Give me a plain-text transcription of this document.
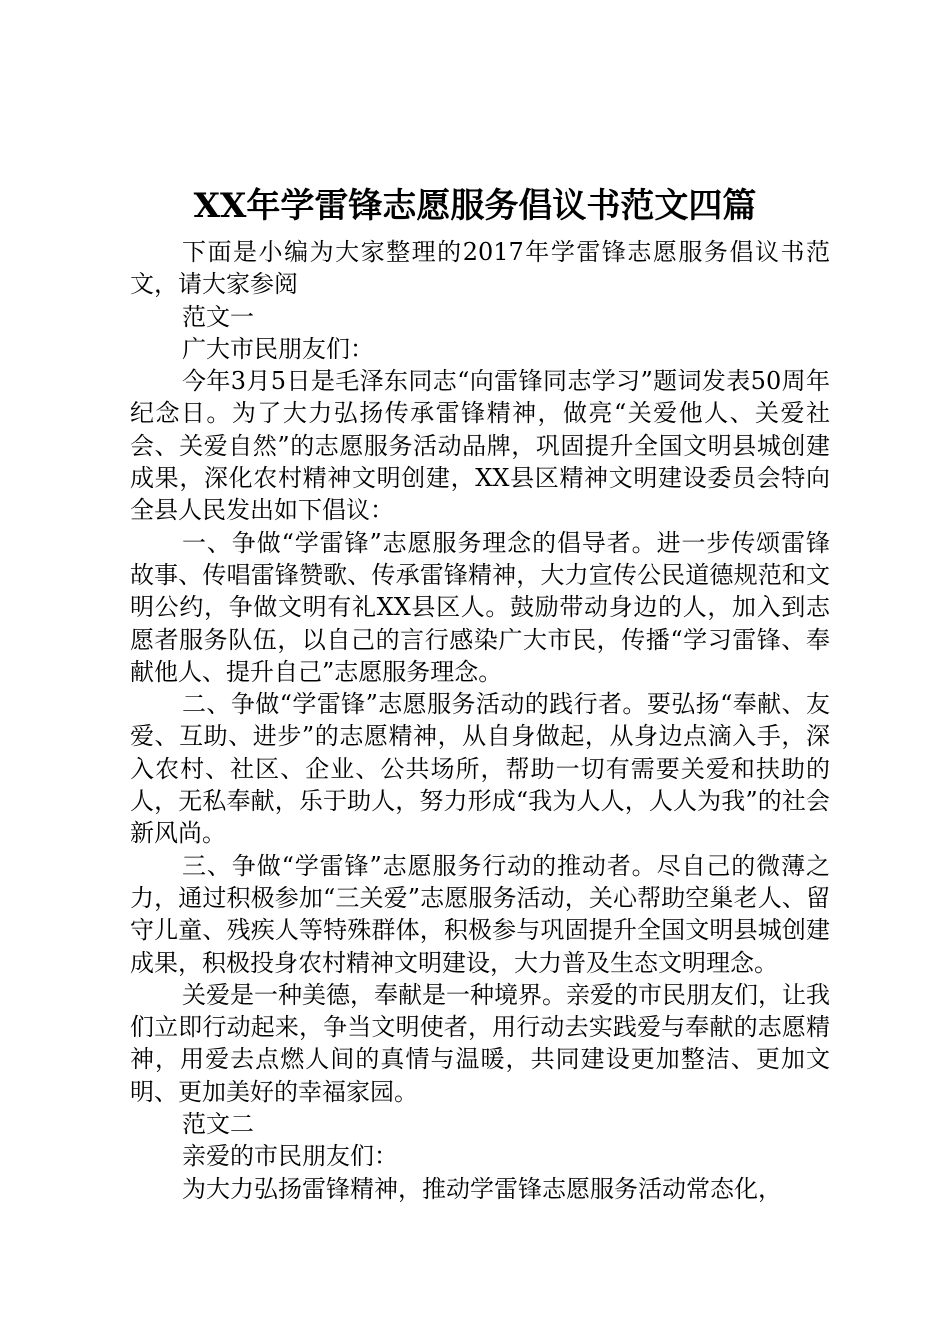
XX年学雷锋志愿服务倡议书范文四篇

下面是小编为大家整理的2017年学雷锋志愿服务倡议书范文，请大家参阅

范文一

广大市民朋友们：

今年3月5日是毛泽东同志“向雷锋同志学习”题词发表50周年纪念日。为了大力弘扬传承雷锋精神，做亮“关爱他人、关爱社会、关爱自然”的志愿服务活动品牌，巩固提升全国文明县城创建成果，深化农村精神文明创建，XX县区精神文明建设委员会特向全县人民发出如下倡议：

一、争做“学雷锋”志愿服务理念的倡导者。进一步传颂雷锋故事、传唱雷锋赞歌、传承雷锋精神，大力宣传公民道德规范和文明公约，争做文明有礼XX县区人。鼓励带动身边的人，加入到志愿者服务队伍，以自己的言行感染广大市民，传播“学习雷锋、奉献他人、提升自己”志愿服务理念。

二、争做“学雷锋”志愿服务活动的践行者。要弘扬“奉献、友爱、互助、进步”的志愿精神，从自身做起，从身边点滴入手，深入农村、社区、企业、公共场所，帮助一切有需要关爱和扶助的人，无私奉献，乐于助人，努力形成“我为人人，人人为我”的社会新风尚。

三、争做“学雷锋”志愿服务行动的推动者。尽自己的微薄之力，通过积极参加“三关爱”志愿服务活动，关心帮助空巢老人、留守儿童、残疾人等特殊群体，积极参与巩固提升全国文明县城创建成果，积极投身农村精神文明建设，大力普及生态文明理念。

关爱是一种美德，奉献是一种境界。亲爱的市民朋友们，让我们立即行动起来，争当文明使者，用行动去实践爱与奉献的志愿精神，用爱去点燃人间的真情与温暖，共同建设更加整洁、更加文明、更加美好的幸福家园。

范文二

亲爱的市民朋友们：

为大力弘扬雷锋精神，推动学雷锋志愿服务活动常态化，
